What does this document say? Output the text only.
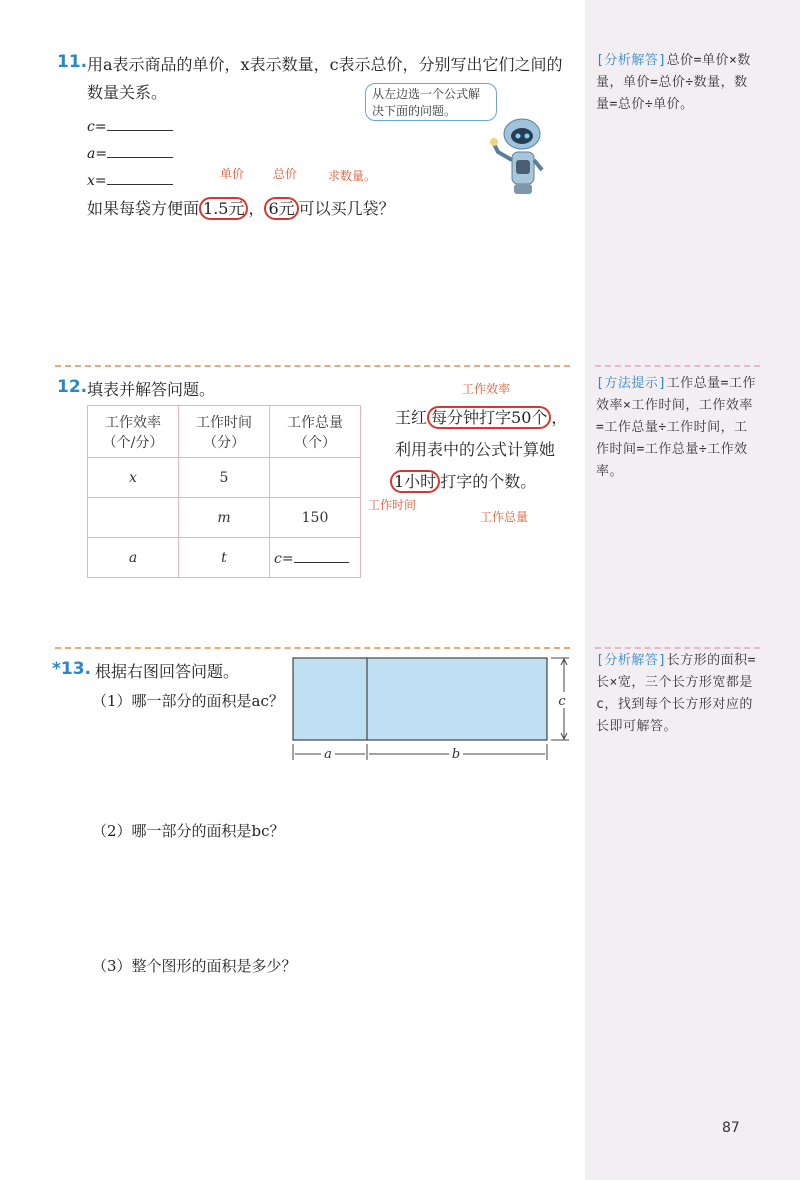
11. 用a表示商品的单价，x表示数量，c表示总价，分别写出它们之间的
数量关系。
c=
a=
x=	单价 总价	求数量。
如果每袋方便面 1.5元 ， 6元 可以买几袋？
从左边选一个公式解决下面的问题。
[分析解答]总价=单价×数量，单价=总价÷数量，数量=总价÷单价。
12. 填表并解答问题。
工作效率（个/分）	工作时间（分）	工作总量（个）
x	5	
	m	150
a	t	c=
工作效率
王红 每分钟打字50个 ，
利用表中的公式计算她
1小时 打字的个数。
工作时间
工作总量
[方法提示]工作总量=工作效率×工作时间，工作效率=工作总量÷工作时间，工作时间=工作总量÷工作效率。
*13. 根据右图回答问题。
（1）哪一部分的面积是ac？
（2）哪一部分的面积是bc？
（3）整个图形的面积是多少？
c
a	b
[分析解答]长方形的面积=长×宽，三个长方形宽都是c，找到每个长方形对应的长即可解答。
87
